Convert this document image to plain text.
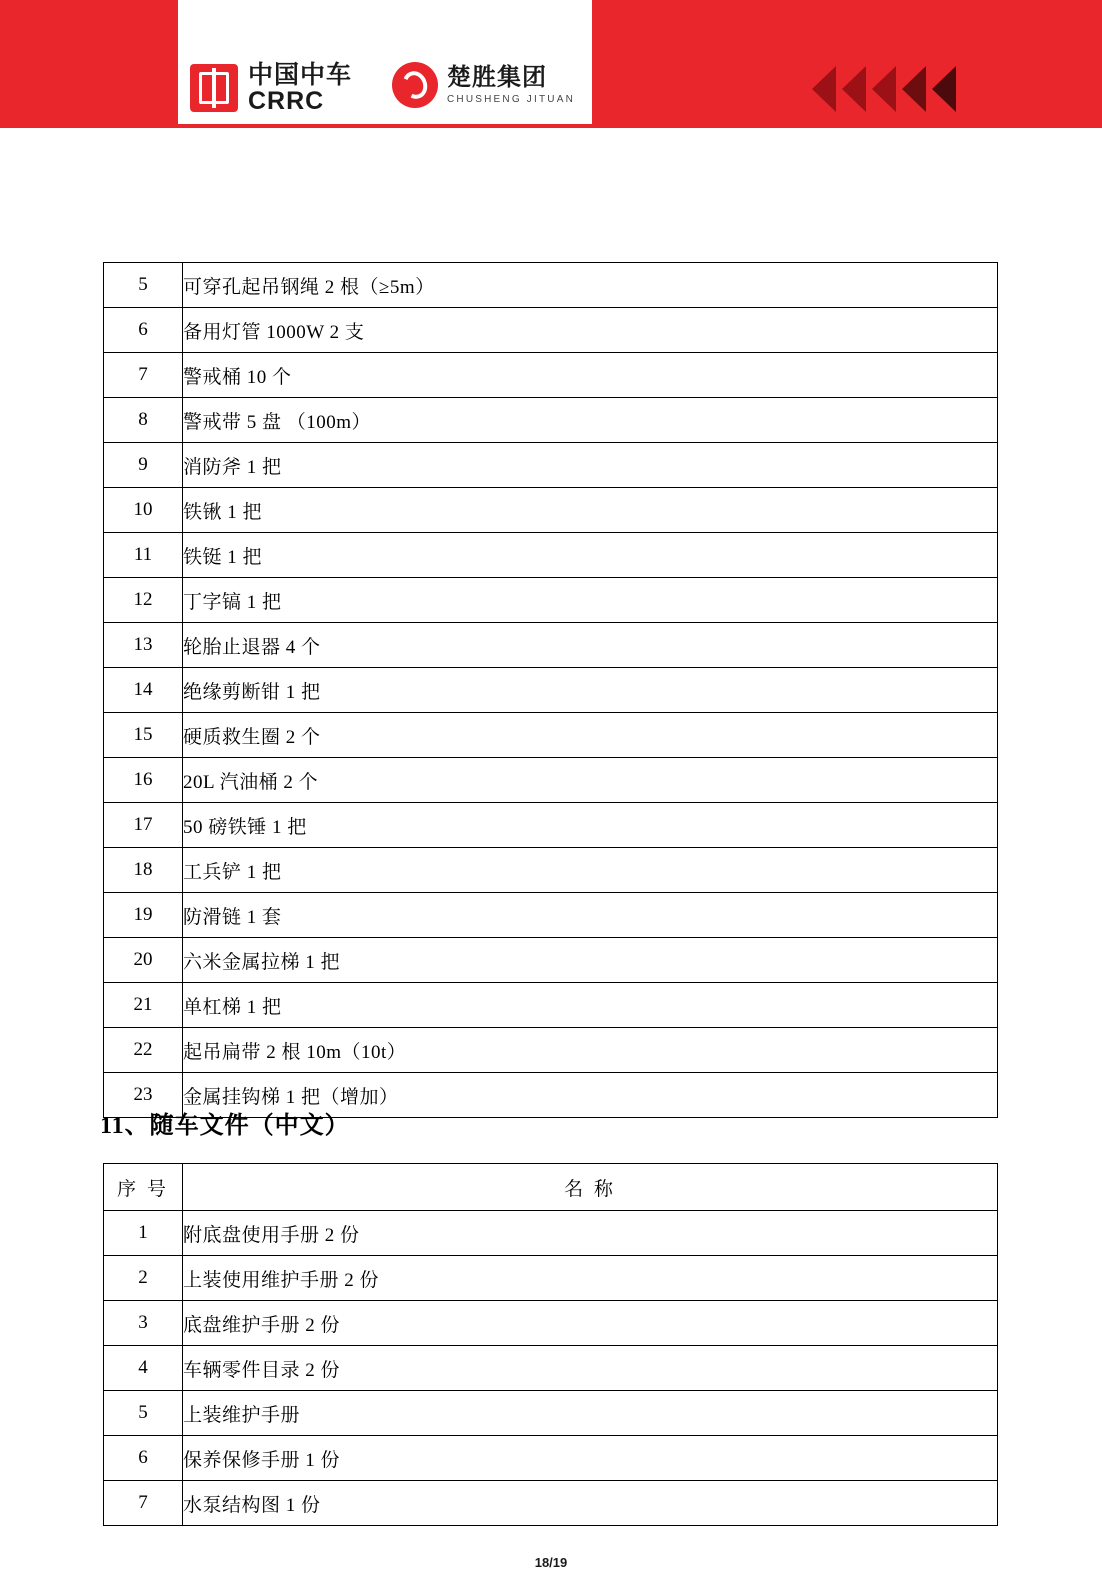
中国中车
CRRC
楚胜集团
CHUSHENG JITUAN
5	可穿孔起吊钢绳 2 根（≥5m）
6	备用灯管 1000W 2 支
7	警戒桶 10 个
8	警戒带 5 盘 （100m）
9	消防斧 1 把
10	铁锹 1 把
11	铁铤 1 把
12	丁字镐 1 把
13	轮胎止退器 4 个
14	绝缘剪断钳 1 把
15	硬质救生圈 2 个
16	20L 汽油桶 2 个
17	50 磅铁锤 1 把
18	工兵铲 1 把
19	防滑链 1 套
20	六米金属拉梯 1 把
21	单杠梯 1 把
22	起吊扁带 2 根 10m（10t）
23	金属挂钩梯 1 把（增加）
11、随车文件（中文）
序 号	名 称
1	附底盘使用手册 2 份
2	上装使用维护手册 2 份
3	底盘维护手册 2 份
4	车辆零件目录 2 份
5	上装维护手册
6	保养保修手册 1 份
7	水泵结构图 1 份
18/19
